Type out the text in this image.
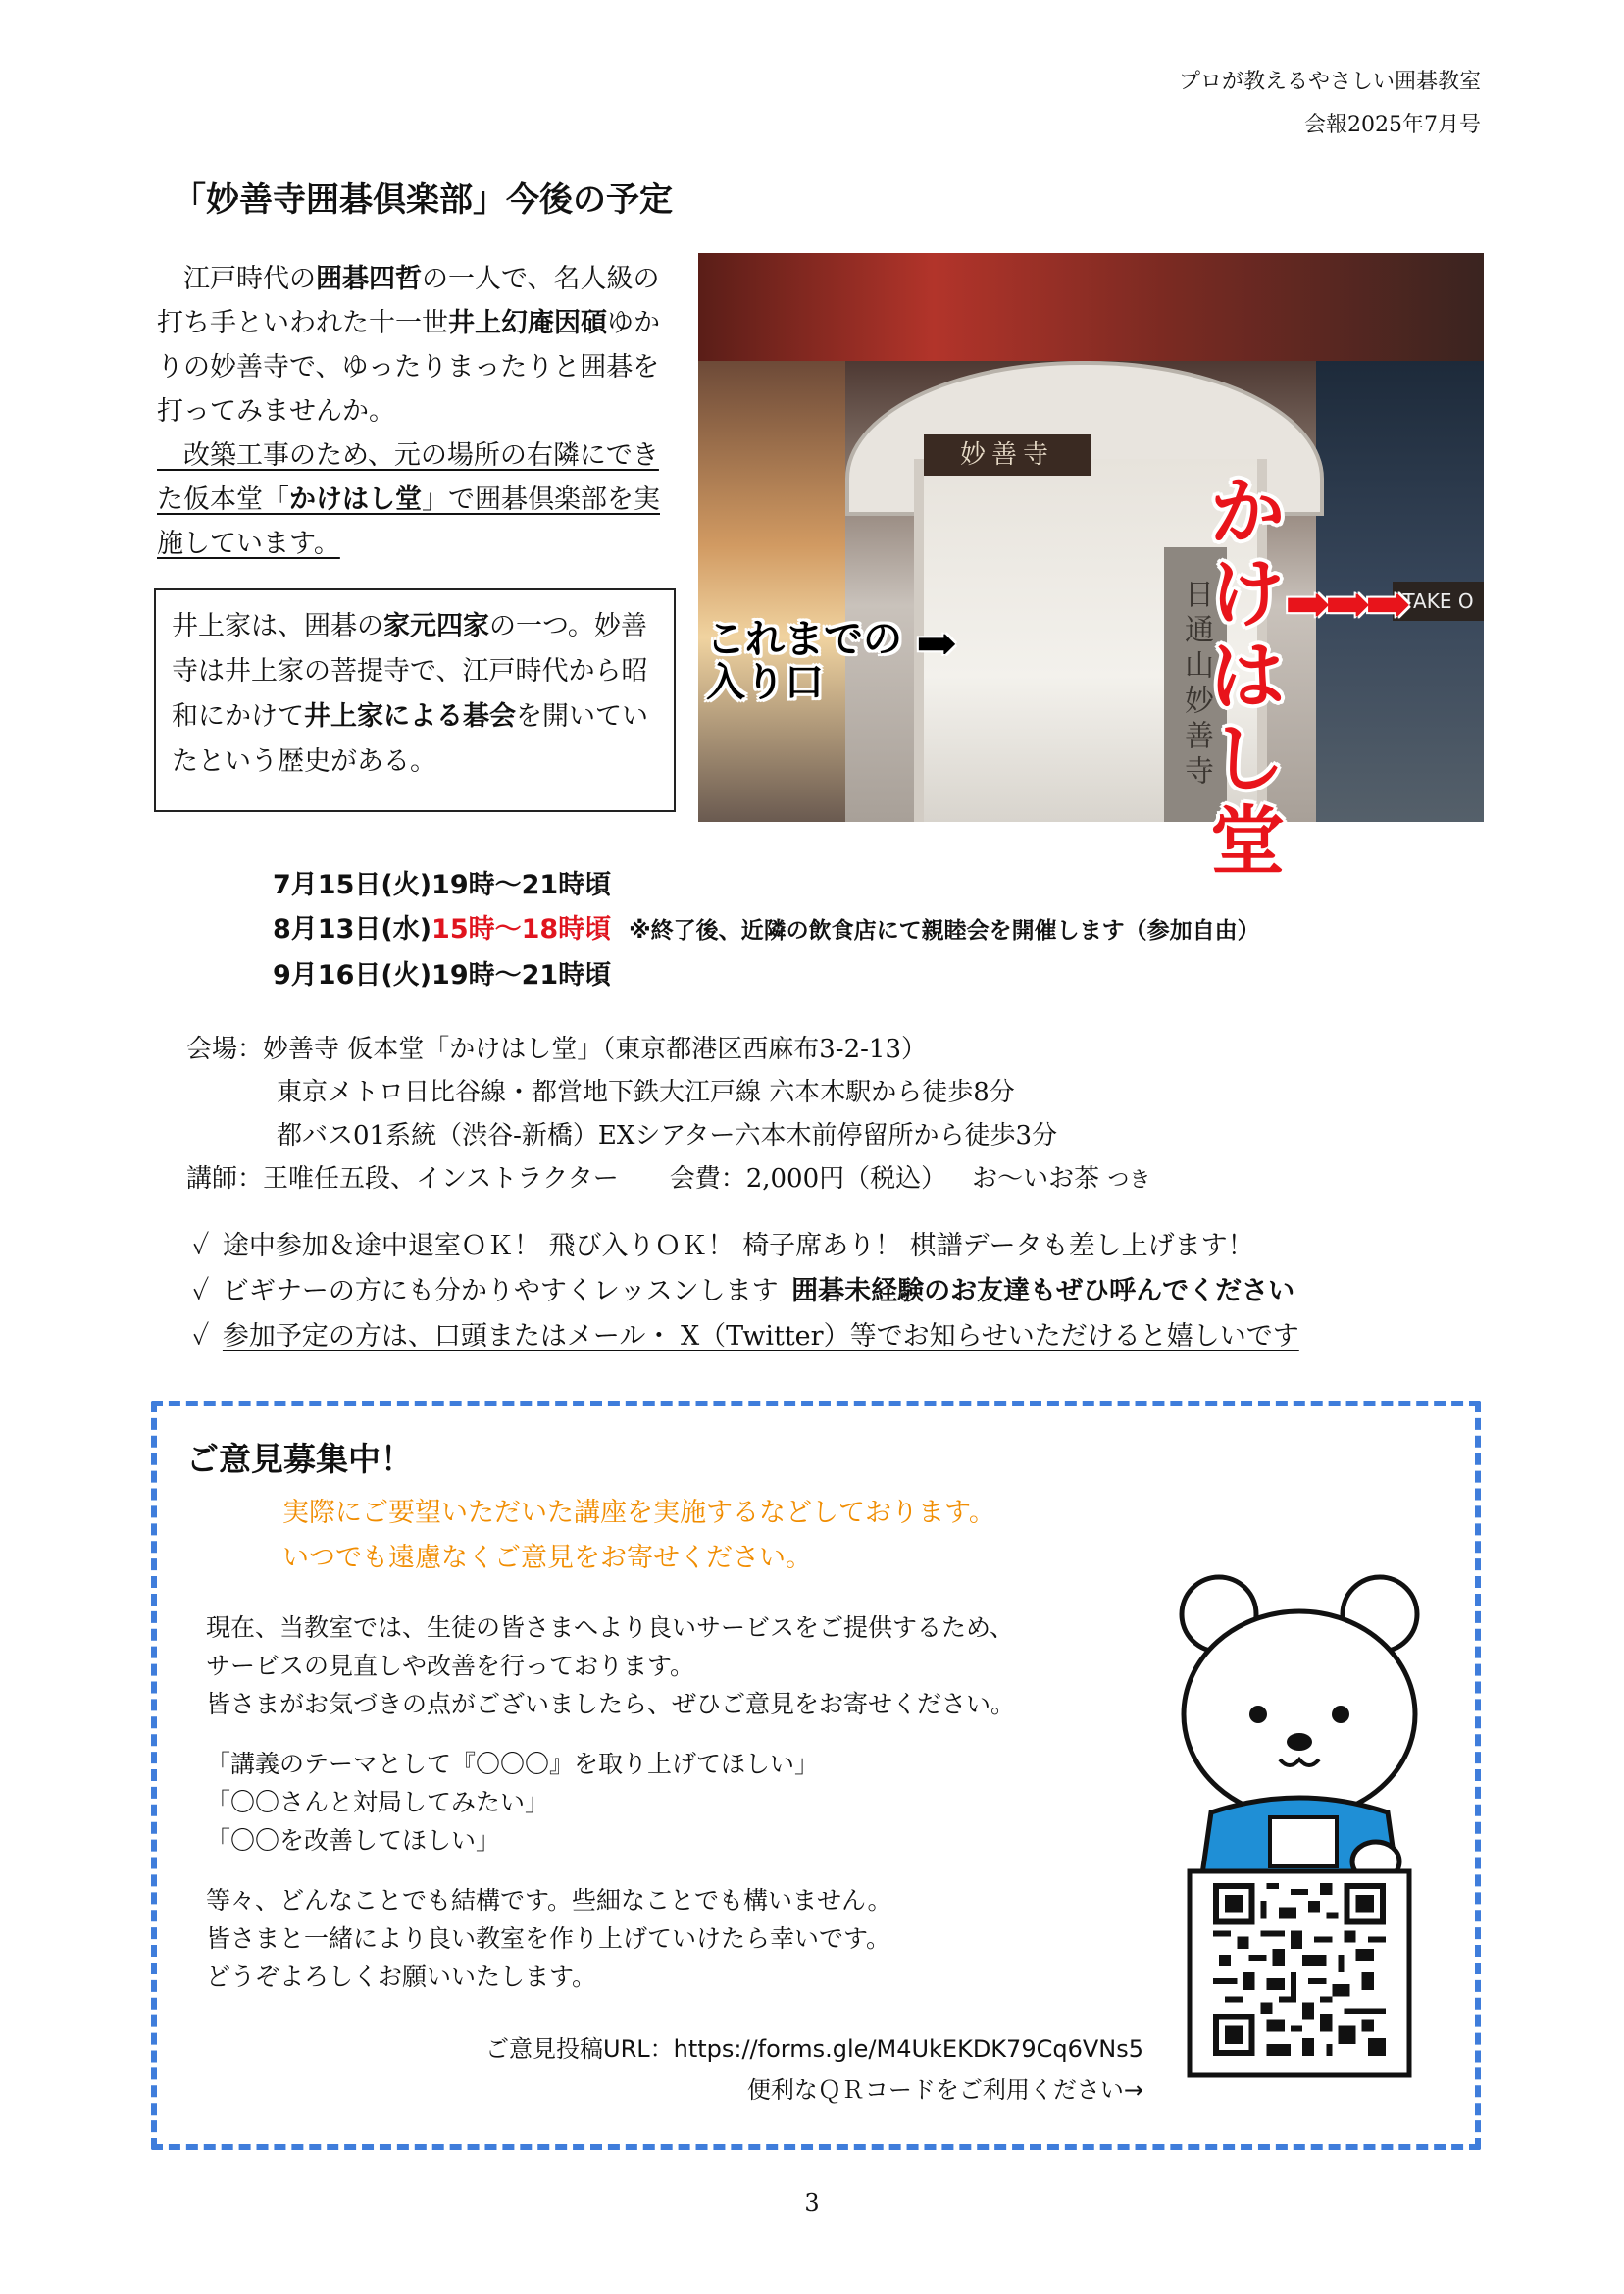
プロが教えるやさしい囲碁教室
会報2025年7月号
「妙善寺囲碁倶楽部」今後の予定

 江戸時代の囲碁四哲の一人で、名人級の打ち手といわれた十一世井上幻庵因碩ゆかりの妙善寺で、ゆったりまったりと囲碁を打ってみませんか。

 改築工事のため、元の場所の右隣にできた仮本堂「かけはし堂」で囲碁倶楽部を実施しています。

井上家は、囲碁の家元四家の一つ。妙善寺は井上家の菩提寺で、江戸時代から昭和にかけて井上家による碁会を開いていたという歴史がある。
妙善寺
日通山妙善寺	TAKE O
かけはし堂
➡➡➡
これまでの
入り口
➡
7月15日(火)19時～21時頃
8月13日(水)15時～18時頃 ※終了後、近隣の飲食店にて親睦会を開催します（参加自由）
9月16日(火)19時～21時頃
会場：妙善寺 仮本堂「かけはし堂」（東京都港区西麻布3-2-13）
東京メトロ日比谷線・都営地下鉄大江戸線 六本木駅から徒歩8分
都バス01系統（渋谷-新橋）EXシアター六本木前停留所から徒歩3分
講師：王唯任五段、インストラクター   会費：2,000円（税込）  お～いお茶 つき
✓  途中参加＆途中退室ＯＫ！ 飛び入りＯＫ！ 椅子席あり！ 棋譜データも差し上げます！
✓  ビギナーの方にも分かりやすくレッスンします  囲碁未経験のお友達もぜひ呼んでください
✓  参加予定の方は、口頭またはメール・ X（Twitter）等でお知らせいただけると嬉しいです
ご意見募集中！
実際にご要望いただいた講座を実施するなどしております。
いつでも遠慮なくご意見をお寄せください。

現在、当教室では、生徒の皆さまへより良いサービスをご提供するため、
サービスの見直しや改善を行っております。
皆さまがお気づきの点がございましたら、ぜひご意見をお寄せください。

「講義のテーマとして『〇〇〇』を取り上げてほしい」
「〇〇さんと対局してみたい」
「〇〇を改善してほしい」

等々、どんなことでも結構です。些細なことでも構いません。
皆さまと一緒により良い教室を作り上げていけたら幸いです。
どうぞよろしくお願いいたします。

ご意見投稿URL：https://forms.gle/M4UkEKDK79Cq6VNs5
便利なＱＲコードをご利用ください→
3
